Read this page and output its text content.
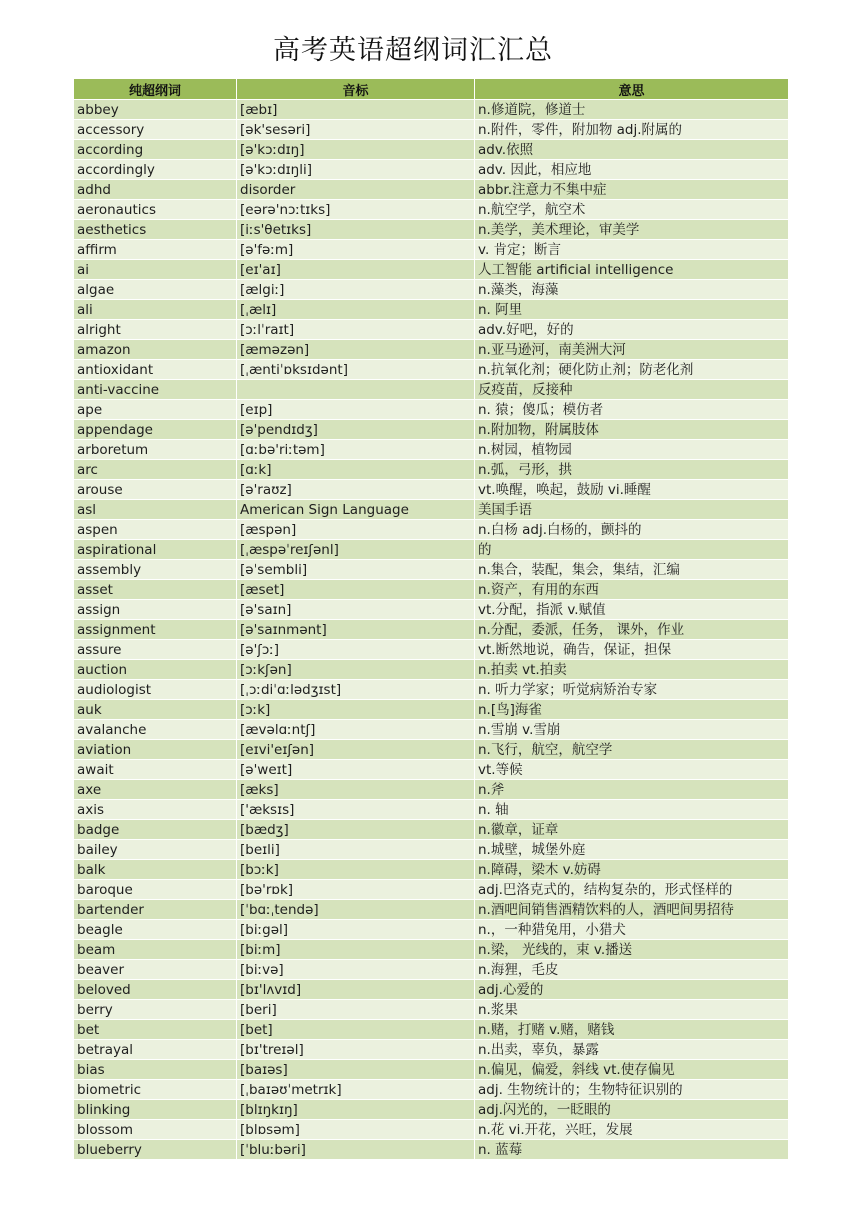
高考英语超纲词汇汇总
纯超纲词	音标	意思
abbey	[æbɪ]	n.修道院，修道士
accessory	[ək'sesəri]	n.附件，零件，附加物 adj.附属的
according	[ə'kɔːdɪŋ]	adv.依照
accordingly	[ə'kɔːdɪŋli]	adv. 因此，相应地
adhd	disorder	abbr.注意力不集中症
aeronautics	[eərə'nɔːtɪks]	n.航空学，航空术
aesthetics	[iːs'θetɪks]	n.美学，美术理论，审美学
affirm	[ə'fəːm]	v. 肯定；断言
ai	[eɪ'aɪ]	人工智能 artificial intelligence
algae	[ælgiː]	n.藻类，海藻
ali	[ˌælɪ]	n. 阿里
alright	[ɔːlˈraɪt]	adv.好吧，好的
amazon	[æməzən]	n.亚马逊河，南美洲大河
antioxidant	[ˌæntiˈɒksɪdənt]	n.抗氧化剂；硬化防止剂；防老化剂
anti-vaccine		反疫苗，反接种
ape	[eɪp]	n. 猿；傻瓜；模仿者
appendage	[ə'pendɪdʒ]	n.附加物，附属肢体
arboretum	[ɑːbə'riːtəm]	n.树园，植物园
arc	[ɑːk]	n.弧，弓形，拱
arouse	[ə'raʊz]	vt.唤醒，唤起，鼓励 vi.睡醒
asl	American Sign Language	美国手语
aspen	[æspən]	n.白杨 adj.白杨的，颤抖的
aspirational	[ˌæspəˈreɪʃənl]	的
assembly	[əˈsembli]	n.集合，装配，集会，集结，汇编
asset	[æset]	n.资产，有用的东西
assign	[ə'saɪn]	vt.分配，指派 v.赋值
assignment	[ə'saɪnmənt]	n.分配，委派，任务， 课外，作业
assure	[ə'ʃɔː]	vt.断然地说，确告，保证，担保
auction	[ɔːkʃən]	n.拍卖 vt.拍卖
audiologist	[ˌɔːdiˈɑːlədʒɪst]	n. 听力学家；听觉病矫治专家
auk	[ɔːk]	n.[鸟]海雀
avalanche	[ævəlɑːntʃ]	n.雪崩 v.雪崩
aviation	[eɪvi'eɪʃən]	n.飞行，航空，航空学
await	[ə'weɪt]	vt.等候
axe	[æks]	n.斧
axis	['æksɪs]	n. 轴
badge	[bædʒ]	n.徽章，证章
bailey	[beɪli]	n.城壁，城堡外庭
balk	[bɔːk]	n.障碍，梁木 v.妨碍
baroque	[bə'rɒk]	adj.巴洛克式的，结构复杂的，形式怪样的
bartender	[ˈbɑːˌtendə]	n.酒吧间销售酒精饮料的人，酒吧间男招待
beagle	[biːgəl]	n.，一种猎兔用，小猎犬
beam	[biːm]	n.梁， 光线的，束 v.播送
beaver	[biːvə]	n.海狸，毛皮
beloved	[bɪ'lʌvɪd]	adj.心爱的
berry	[beri]	n.浆果
bet	[bet]	n.赌，打赌 v.赌，赌钱
betrayal	[bɪ'treɪəl]	n.出卖，辜负，暴露
bias	[baɪəs]	n.偏见，偏爱，斜线 vt.使存偏见
biometric	[ˌbaɪəʊˈmetrɪk]	adj. 生物统计的；生物特征识别的
blinking	[blɪŋkɪŋ]	adj.闪光的，一眨眼的
blossom	[blɒsəm]	n.花 vi.开花，兴旺，发展
blueberry	[ˈbluːbəri]	n. 蓝莓
